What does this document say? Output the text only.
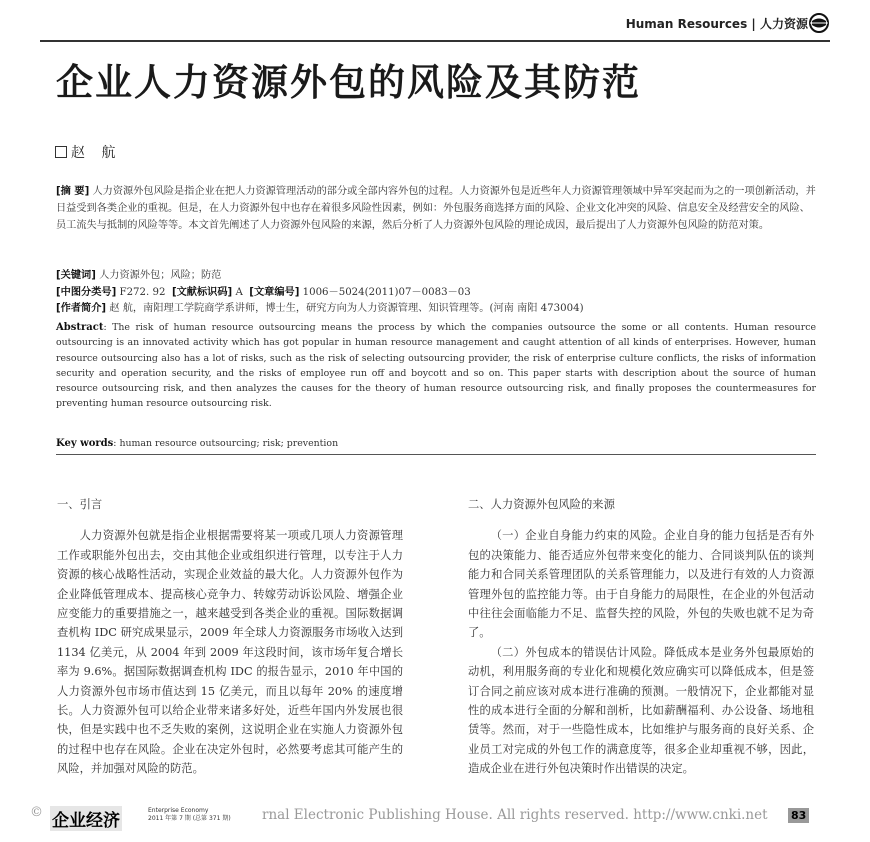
Human Resources | 人力资源
企业人力资源外包的风险及其防范
赵 航
[摘 要] 人力资源外包风险是指企业在把人力资源管理活动的部分或全部内容外包的过程。人力资源外包是近些年人力资源管理领域中异军突起而为之的一项创新活动，并日益受到各类企业的重视。但是，在人力资源外包中也存在着很多风险性因素，例如：外包服务商选择方面的风险、企业文化冲突的风险、信息安全及经营安全的风险、员工流失与抵制的风险等等。本文首先阐述了人力资源外包风险的来源，然后分析了人力资源外包风险的理论成因，最后提出了人力资源外包风险的防范对策。
[关键词] 人力资源外包；风险；防范
[中图分类号] F272. 92 [文献标识码] A [文章编号] 1006－5024(2011)07－0083－03
[作者简介] 赵 航，南阳理工学院商学系讲师，博士生，研究方向为人力资源管理、知识管理等。(河南 南阳 473004)
Abstract: The risk of human resource outsourcing means the process by which the companies outsource the some or all contents. Human resource outsourcing is an innovated activity which has got popular in human resource management and caught attention of all kinds of enterprises. However, human resource outsourcing also has a lot of risks, such as the risk of selecting outsourcing provider, the risk of enterprise culture conflicts, the risks of information security and operation security, and the risks of employee run off and boycott and so on. This paper starts with description about the source of human resource outsourcing risk, and then analyzes the causes for the theory of human resource outsourcing risk, and finally proposes the countermeasures for preventing human resource outsourcing risk.
Key words: human resource outsourcing; risk; prevention
一、引言

人力资源外包就是指企业根据需要将某一项或几项人力资源管理工作或职能外包出去，交由其他企业或组织进行管理，以专注于人力资源的核心战略性活动，实现企业效益的最大化。人力资源外包作为企业降低管理成本、提高核心竞争力、转嫁劳动诉讼风险、增强企业应变能力的重要措施之一，越来越受到各类企业的重视。国际数据调查机构 IDC 研究成果显示，2009 年全球人力资源服务市场收入达到 1134 亿美元，从 2004 年到 2009 年这段时间，该市场年复合增长率为 9.6%。据国际数据调查机构 IDC 的报告显示，2010 年中国的人力资源外包市场市值达到 15 亿美元，而且以每年 20% 的速度增长。人力资源外包可以给企业带来诸多好处，近些年国内外发展也很快，但是实践中也不乏失败的案例，这说明企业在实施人力资源外包的过程中也存在风险。企业在决定外包时，必然要考虑其可能产生的风险，并加强对风险的防范。

二、人力资源外包风险的来源

（一）企业自身能力约束的风险。企业自身的能力包括是否有外包的决策能力、能否适应外包带来变化的能力、合同谈判队伍的谈判能力和合同关系管理团队的关系管理能力，以及进行有效的人力资源管理外包的监控能力等。由于自身能力的局限性，在企业的外包活动中往往会面临能力不足、监督失控的风险，外包的失败也就不足为奇了。

（二）外包成本的错误估计风险。降低成本是业务外包最原始的动机，利用服务商的专业化和规模化效应确实可以降低成本，但是签订合同之前应该对成本进行准确的预测。一般情况下，企业都能对显性的成本进行全面的分解和剖析，比如薪酬福利、办公设备、场地租赁等。然而，对于一些隐性成本，比如维护与服务商的良好关系、企业员工对完成的外包工作的满意度等，很多企业却重视不够，因此，造成企业在进行外包决策时作出错误的决定。

© 企业经济
Enterprise Economy
2011 年第 7 期 (总第 371 期) rnal Electronic Publishing House. All rights reserved. http://www.cnki.net 83
